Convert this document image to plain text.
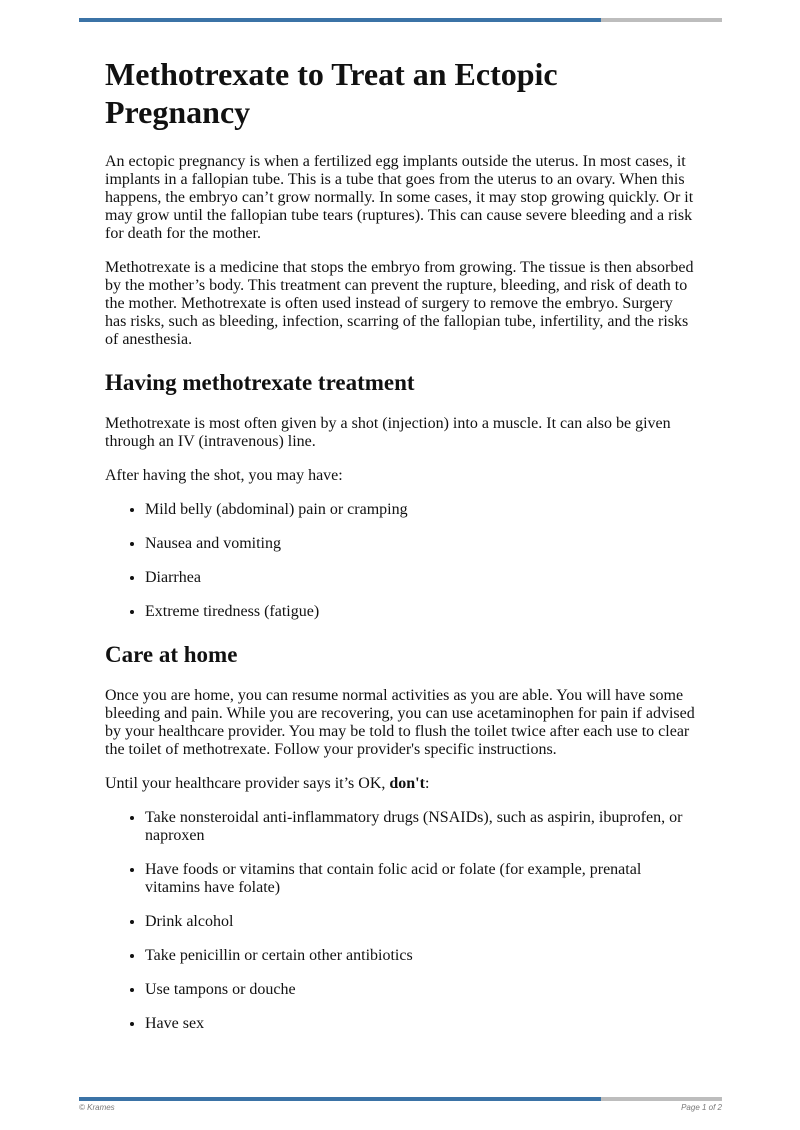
Methotrexate to Treat an Ectopic Pregnancy

An ectopic pregnancy is when a fertilized egg implants outside the uterus. In most cases, it implants in a fallopian tube. This is a tube that goes from the uterus to an ovary. When this happens, the embryo can’t grow normally. In some cases, it may stop growing quickly. Or it may grow until the fallopian tube tears (ruptures). This can cause severe bleeding and a risk for death for the mother.

Methotrexate is a medicine that stops the embryo from growing. The tissue is then absorbed by the mother’s body. This treatment can prevent the rupture, bleeding, and risk of death to the mother. Methotrexate is often used instead of surgery to remove the embryo. Surgery has risks, such as bleeding, infection, scarring of the fallopian tube, infertility, and the risks of anesthesia.

Having methotrexate treatment

Methotrexate is most often given by a shot (injection) into a muscle. It can also be given through an IV (intravenous) line.

After having the shot, you may have:

• Mild belly (abdominal) pain or cramping
• Nausea and vomiting
• Diarrhea
• Extreme tiredness (fatigue)
Care at home

Once you are home, you can resume normal activities as you are able. You will have some bleeding and pain. While you are recovering, you can use acetaminophen for pain if advised by your healthcare provider. You may be told to flush the toilet twice after each use to clear the toilet of methotrexate. Follow your provider's specific instructions.

Until your healthcare provider says it’s OK, don't:

• Take nonsteroidal anti-inflammatory drugs (NSAIDs), such as aspirin, ibuprofen, or naproxen
• Have foods or vitamins that contain folic acid or folate (for example, prenatal vitamins have folate)
• Drink alcohol
• Take penicillin or certain other antibiotics
• Use tampons or douche
• Have sex
© Krames	Page 1 of 2
